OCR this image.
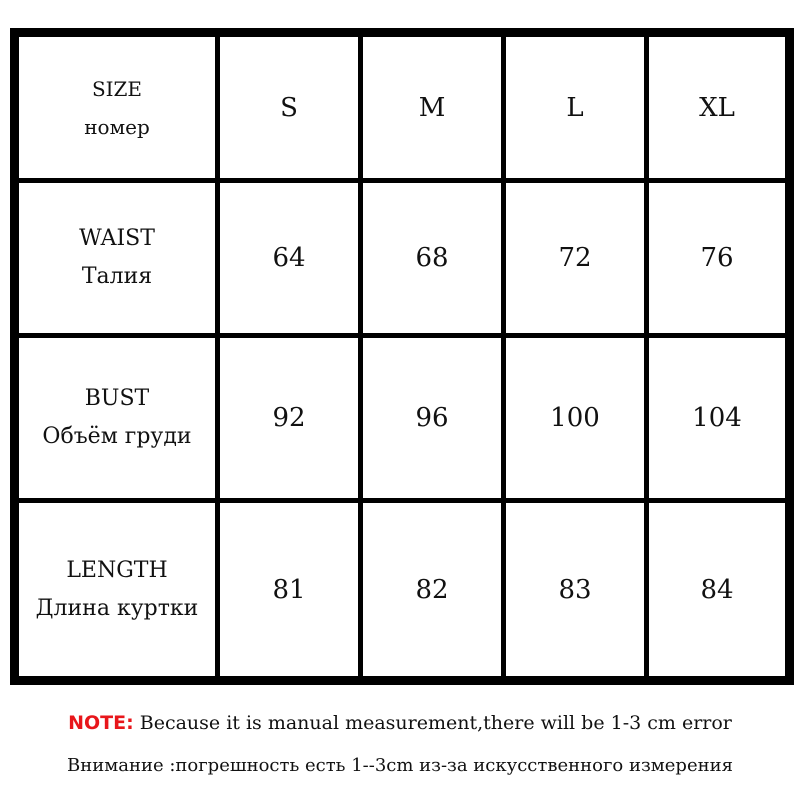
SIZE
номер	S	M	L	XL

WAIST
Талия	64	68	72	76

BUST
Объём груди	92	96	100	104

LENGTH
Длина куртки	81	82	83	84
NOTE: Because it is manual measurement,there will be 1-3 cm error
Внимание :погрешность есть 1--3cm из-за искусственного измерения
